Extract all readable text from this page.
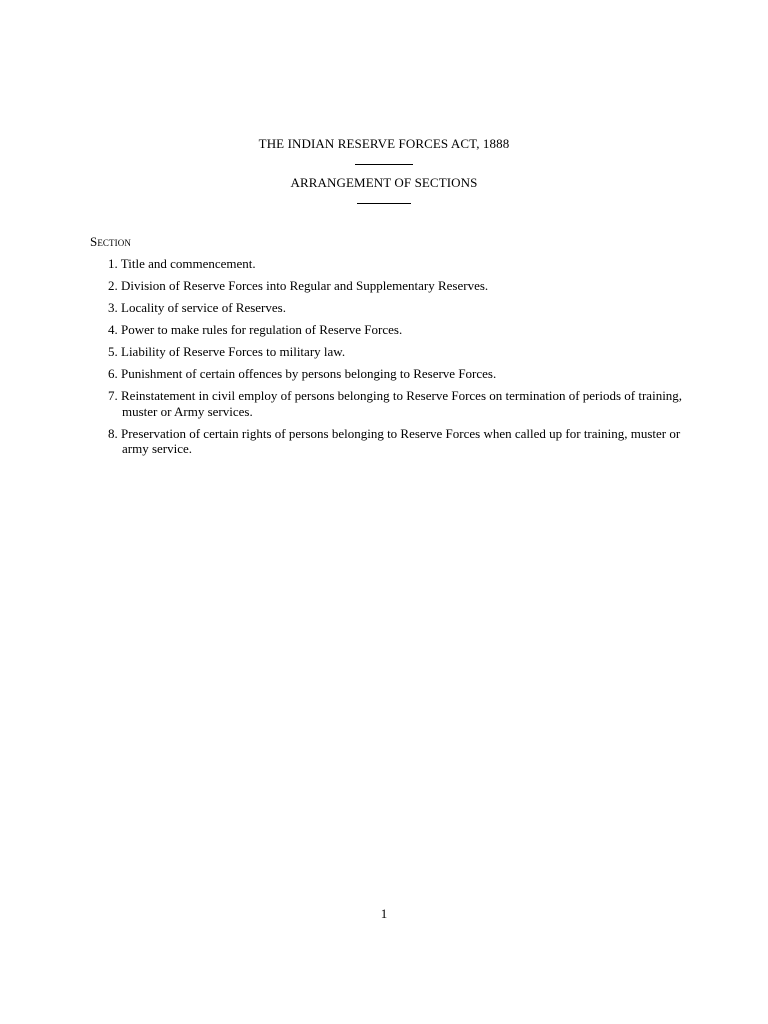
THE INDIAN RESERVE FORCES ACT, 1888
ARRANGEMENT OF SECTIONS
Section
1. Title and commencement.
2. Division of Reserve Forces into Regular and Supplementary Reserves.
3. Locality of service of Reserves.
4. Power to make rules for regulation of Reserve Forces.
5. Liability of Reserve Forces to military law.
6. Punishment of certain offences by persons belonging to Reserve Forces.
7. Reinstatement in civil employ of persons belonging to Reserve Forces on termination of periods of training, muster or Army services.
8. Preservation of certain rights of persons belonging to Reserve Forces when called up for training, muster or army service.
1
